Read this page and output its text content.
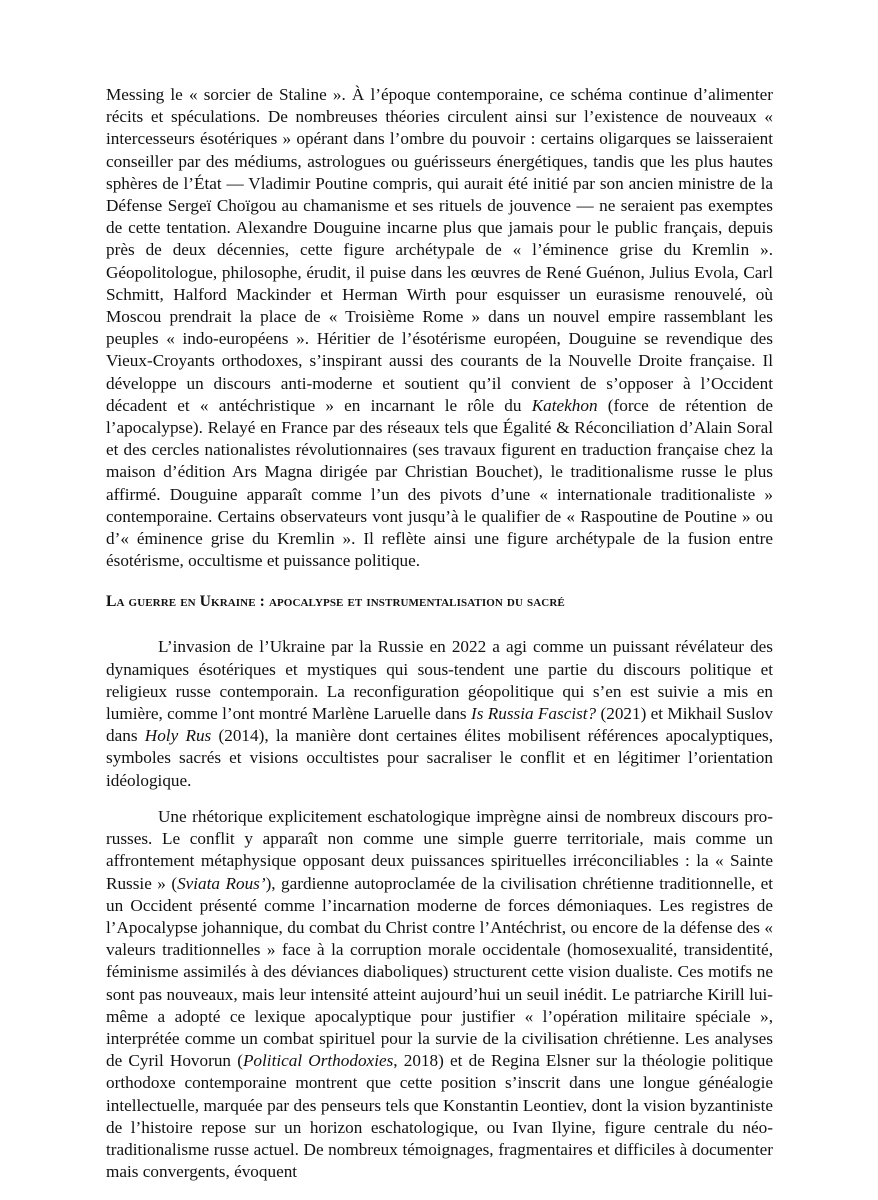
Messing le « sorcier de Staline ». À l’époque contemporaine, ce schéma continue d’alimenter récits et spéculations. De nombreuses théories circulent ainsi sur l’existence de nouveaux « intercesseurs ésotériques » opérant dans l’ombre du pouvoir : certains oligarques se laisseraient conseiller par des médiums, astrologues ou guérisseurs énergétiques, tandis que les plus hautes sphères de l’État — Vladimir Poutine compris, qui aurait été initié par son ancien ministre de la Défense Sergeï Choïgou au chamanisme et ses rituels de jouvence — ne seraient pas exemptes de cette tentation. Alexandre Douguine incarne plus que jamais pour le public français, depuis près de deux décennies, cette figure archétypale de « l’éminence grise du Kremlin ». Géopolitologue, philosophe, érudit, il puise dans les œuvres de René Guénon, Julius Evola, Carl Schmitt, Halford Mackinder et Herman Wirth pour esquisser un eurasisme renouvelé, où Moscou prendrait la place de « Troisième Rome » dans un nouvel empire rassemblant les peuples « indo-européens ». Héritier de l’ésotérisme européen, Douguine se revendique des Vieux-Croyants orthodoxes, s’inspirant aussi des courants de la Nouvelle Droite française. Il développe un discours anti-moderne et soutient qu’il convient de s’opposer à l’Occident décadent et « antéchristique » en incarnant le rôle du Katekhon (force de rétention de l’apocalypse). Relayé en France par des réseaux tels que Égalité & Réconciliation d’Alain Soral et des cercles nationalistes révolutionnaires (ses travaux figurent en traduction française chez la maison d’édition Ars Magna dirigée par Christian Bouchet), le traditionalisme russe le plus affirmé. Douguine apparaît comme l’un des pivots d’une « internationale traditionaliste » contemporaine. Certains observateurs vont jusqu’à le qualifier de « Raspoutine de Poutine » ou d’« éminence grise du Kremlin ». Il reflète ainsi une figure archétypale de la fusion entre ésotérisme, occultisme et puissance politique.

La guerre en Ukraine : apocalypse et instrumentalisation du sacré

L’invasion de l’Ukraine par la Russie en 2022 a agi comme un puissant révélateur des dynamiques ésotériques et mystiques qui sous-tendent une partie du discours politique et religieux russe contemporain. La reconfiguration géopolitique qui s’en est suivie a mis en lumière, comme l’ont montré Marlène Laruelle dans Is Russia Fascist? (2021) et Mikhail Suslov dans Holy Rus (2014), la manière dont certaines élites mobilisent références apocalyptiques, symboles sacrés et visions occultistes pour sacraliser le conflit et en légitimer l’orientation idéologique.

Une rhétorique explicitement eschatologique imprègne ainsi de nombreux discours pro-russes. Le conflit y apparaît non comme une simple guerre territoriale, mais comme un affrontement métaphysique opposant deux puissances spirituelles irréconciliables : la « Sainte Russie » (Sviata Rous’), gardienne autoproclamée de la civilisation chrétienne traditionnelle, et un Occident présenté comme l’incarnation moderne de forces démoniaques. Les registres de l’Apocalypse johannique, du combat du Christ contre l’Antéchrist, ou encore de la défense des « valeurs traditionnelles » face à la corruption morale occidentale (homosexualité, transidentité, féminisme assimilés à des déviances diaboliques) structurent cette vision dualiste. Ces motifs ne sont pas nouveaux, mais leur intensité atteint aujourd’hui un seuil inédit. Le patriarche Kirill lui-même a adopté ce lexique apocalyptique pour justifier « l’opération militaire spéciale », interprétée comme un combat spirituel pour la survie de la civilisation chrétienne. Les analyses de Cyril Hovorun (Political Orthodoxies, 2018) et de Regina Elsner sur la théologie politique orthodoxe contemporaine montrent que cette position s’inscrit dans une longue généalogie intellectuelle, marquée par des penseurs tels que Konstantin Leontiev, dont la vision byzantiniste de l’histoire repose sur un horizon eschatologique, ou Ivan Ilyine, figure centrale du néo-traditionalisme russe actuel. De nombreux témoignages, fragmentaires et difficiles à documenter mais convergents, évoquent
